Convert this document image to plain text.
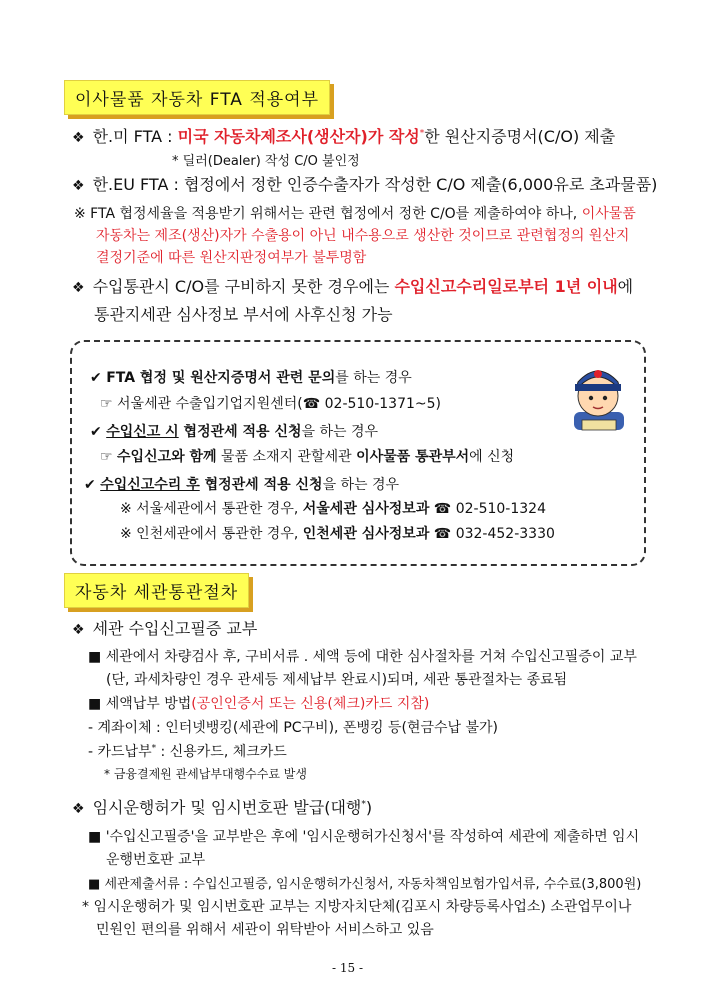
이사물품 자동차 FTA 적용여부
❖ 한.미 FTA : 미국 자동차제조사(생산자)가 작성*한 원산지증명서(C/O) 제출
* 딜러(Dealer) 작성 C/O 불인정
❖ 한.EU FTA : 협정에서 정한 인증수출자가 작성한 C/O 제출(6,000유로 초과물품)
※ FTA 협정세율을 적용받기 위해서는 관련 협정에서 정한 C/O를 제출하여야 하나, 이사물품
자동차는 제조(생산)자가 수출용이 아닌 내수용으로 생산한 것이므로 관련협정의 원산지
결정기준에 따른 원산지판정여부가 불투명함
❖ 수입통관시 C/O를 구비하지 못한 경우에는 수입신고수리일로부터 1년 이내에
통관지세관 심사정보 부서에 사후신청 가능
✔ FTA 협정 및 원산지증명서 관련 문의를 하는 경우
☞ 서울세관 수출입기업지원센터(☎ 02-510-1371~5)
✔ 수입신고 시 협정관세 적용 신청을 하는 경우
☞ 수입신고와 함께 물품 소재지 관할세관 이사물품 통관부서에 신청
✔ 수입신고수리 후 협정관세 적용 신청을 하는 경우
※ 서울세관에서 통관한 경우, 서울세관 심사정보과 ☎ 02-510-1324
※ 인천세관에서 통관한 경우, 인천세관 심사정보과 ☎ 032-452-3330
자동차 세관통관절차
❖ 세관 수입신고필증 교부
■ 세관에서 차량검사 후, 구비서류 . 세액 등에 대한 심사절차를 거쳐 수입신고필증이 교부
(단, 과세차량인 경우 관세등 제세납부 완료시)되며, 세관 통관절차는 종료됨
■ 세액납부 방법(공인인증서 또는 신용(체크)카드 지참)
- 계좌이체 : 인터넷뱅킹(세관에 PC구비), 폰뱅킹 등(현금수납 불가)
- 카드납부* : 신용카드, 체크카드
* 금융결제원 관세납부대행수수료 발생
❖ 임시운행허가 및 임시번호판 발급(대행*)
■ '수입신고필증'을 교부받은 후에 '임시운행허가신청서'를 작성하여 세관에 제출하면 임시
운행번호판 교부
■ 세관제출서류 : 수입신고필증, 임시운행허가신청서, 자동차책임보험가입서류, 수수료(3,800원)
* 임시운행허가 및 임시번호판 교부는 지방자치단체(김포시 차량등록사업소) 소관업무이나
민원인 편의를 위해서 세관이 위탁받아 서비스하고 있음
- 15 -
